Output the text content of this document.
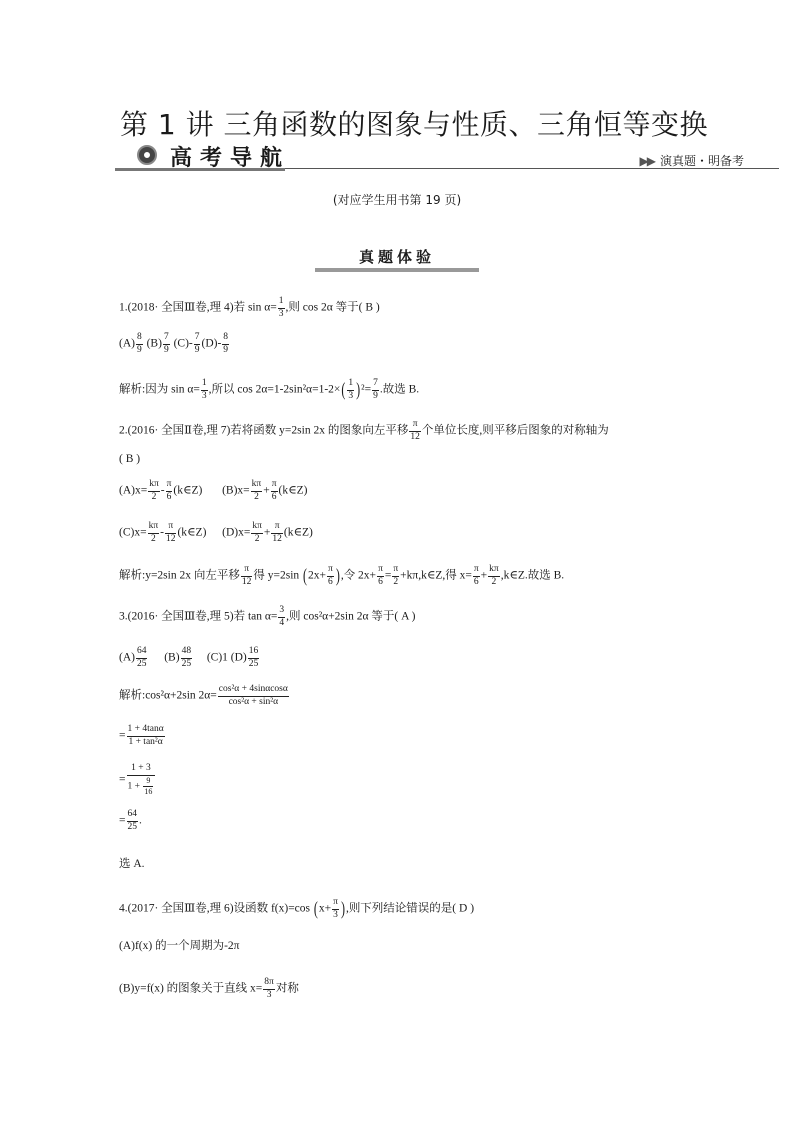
第 1 讲 三角函数的图象与性质、三角恒等变换
高考导航	▶▶ 演真题・明备考
(对应学生用书第 19 页)
真题体验
1.(2018· 全国Ⅲ卷,理 4)若 $\sin \alpha= \frac{1}{3}$ ,则 cos 2α 等于( B )
$(A) \frac{8}{9} (B) \frac{7}{9} (C)- \frac{7}{9} (D)- \frac{8}{9}$
解析:因为 $\sin \alpha= \frac{1}{3}$ ,所以 $\cos 2\alpha=1-2\sin^2\alpha=1-2\times( \frac{1}{3} )^2= \frac{7}{9}$ .故选 B.
2.(2016· 全国Ⅱ卷,理 7)若将函数 y=2sin 2x 的图象向左平移 $\frac{\pi}{12}$ 个单位长度,则平移后图象的对称轴为
( B )
$(A)x= \frac{k\pi}{2} - \frac{\pi}{6}$ (k∈Z) $(B)x= \frac{k\pi}{2} + \frac{\pi}{6}$ (k∈Z)
$(C)x= \frac{k\pi}{2} - \frac{\pi}{12}$ (k∈Z) $(D)x= \frac{k\pi}{2} + \frac{\pi}{12}$ (k∈Z)
解析:y=2sin 2x 向左平移 $\frac{\pi}{12}$ 得 y=2sin ($2x+ \frac{\pi}{6}$ ),令 $2x+ \frac{\pi}{6} = \frac{\pi}{2}$ +kπ,k∈Z,得 $x= \frac{\pi}{6} + \frac{k\pi}{2}$ ,k∈Z.故选 B.
3.(2016· 全国Ⅲ卷,理 5)若 $\tan \alpha= \frac{3}{4}$ ,则 cos²α+2sin 2α 等于( A )
$(A) \frac{64}{25} (B) \frac{48}{25} (C)1$ $(D) \frac{16}{25}$
解析:cos²α+2sin $2\alpha= \frac{\text{cos²α + 4sinαcosα}}{\text{cos²α + sin²α}}$
= $\frac{1 + 4\tan\alpha}{\text{1 + tan²α}}$
= $\frac{1 + 3}{1 + \frac{9}{16}}$
= $\frac{64}{25}$ .
选 A.
4.(2017· 全国Ⅲ卷,理 6)设函数 f(x)=cos ($x+ \frac{\pi}{3}$ ),则下列结论错误的是( D )
(A)f(x) 的一个周期为-2π
(B)y=f(x) 的图象关于直线 $x= \frac{8\pi}{3}$ 对称
